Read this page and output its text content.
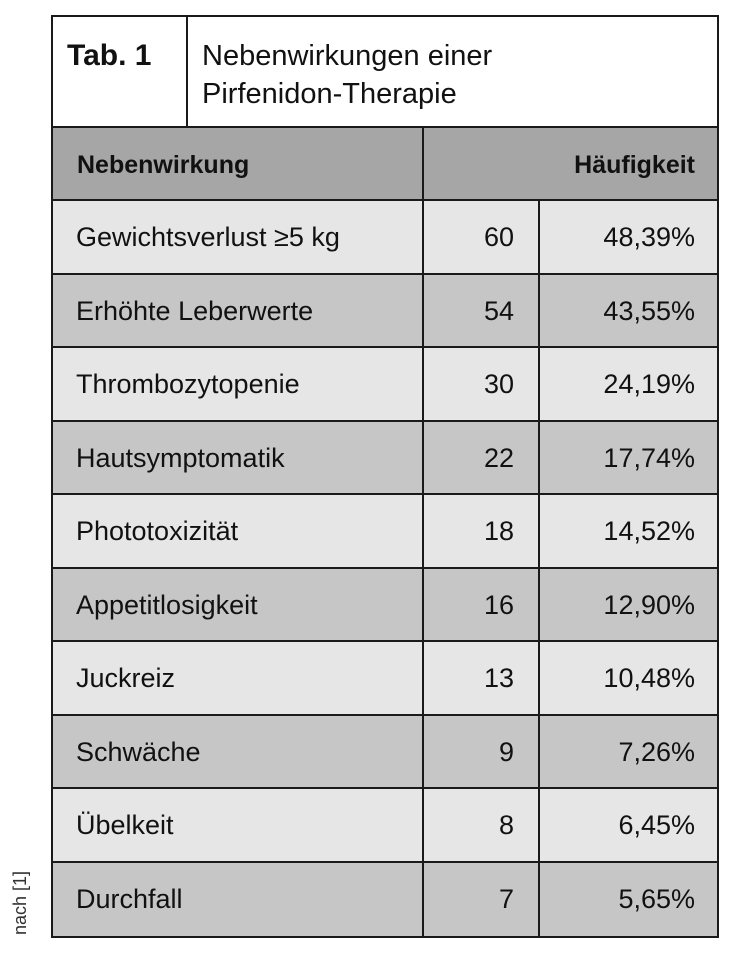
Tab. 1	Nebenwirkungen einer
Pirfenidon-Therapie
Nebenwirkung	Häufigkeit
Gewichtsverlust ≥5 kg	60	48,39%
Erhöhte Leberwerte	54	43,55%
Thrombozytopenie	30	24,19%
Hautsymptomatik	22	17,74%
Phototoxizität	18	14,52%
Appetitlosigkeit	16	12,90%
Juckreiz	13	10,48%
Schwäche	9	7,26%
Übelkeit	8	6,45%
Durchfall	7	5,65%
nach [1]
